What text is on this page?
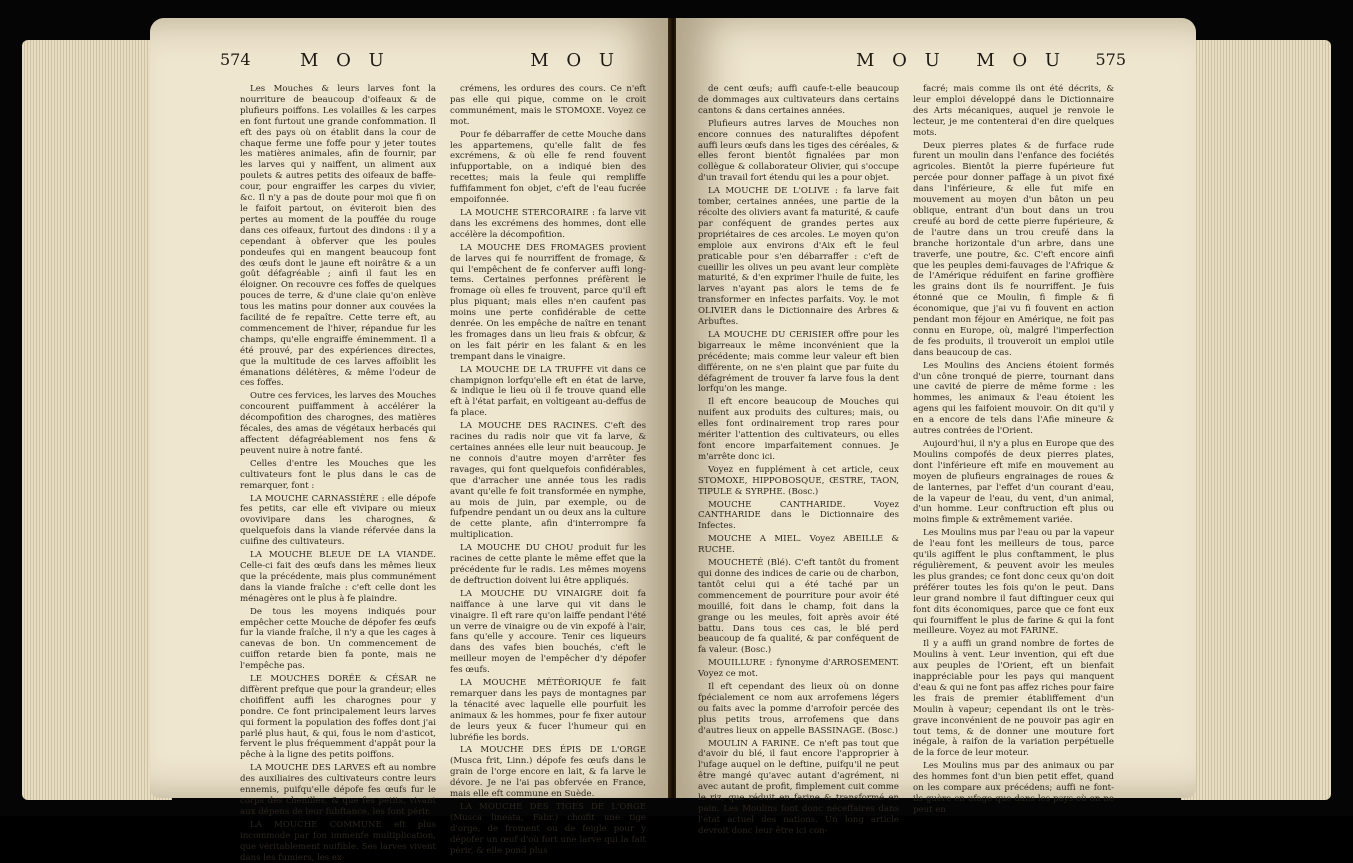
574	M O U	M O U

Les Mouches & leurs larves font la nourriture de beaucoup d'oifeaux & de plufieurs poiffons. Les volailles & les carpes en font furtout une grande confommation. Il eft des pays où on établit dans la cour de chaque ferme une foffe pour y jeter toutes les matières animales, afin de fournir, par les larves qui y naiffent, un aliment aux poulets & autres petits des oifeaux de baffe-cour, pour engraiffer les carpes du vivier, &c. Il n'y a pas de doute pour moi que fi on le faifoit partout, on éviteroit bien des pertes au moment de la pouffée du rouge dans ces oifeaux, furtout des dindons : il y a cependant à obferver que les poules pondeufes qui en mangent beaucoup font des œufs dont le jaune eft noirâtre & a un goût défagréable ; ainfi il faut les en éloigner. On recouvre ces foffes de quelques pouces de terre, & d'une claie qu'on enlève tous les matins pour donner aux couvées la facilité de fe repaître. Cette terre eft, au commencement de l'hiver, répandue fur les champs, qu'elle engraiffe éminemment. Il a été prouvé, par des expériences directes, que la multitude de ces larves affoiblit les émanations délétères, & même l'odeur de ces foffes.

Outre ces fervices, les larves des Mouches concourent puiffamment à accélérer la décompofition des charognes, des matières fécales, des amas de végétaux herbacés qui affectent défagréablement nos fens & peuvent nuire à notre fanté.

Celles d'entre les Mouches que les cultivateurs font le plus dans le cas de remarquer, font :

LA MOUCHE CARNASSIÈRE : elle dépofe fes petits, car elle eft vivipare ou mieux ovovivipare dans les charognes, & quelquefois dans la viande réfervée dans la cuifine des cultivateurs.

LA MOUCHE BLEUE DE LA VIANDE. Celle-ci fait des œufs dans les mêmes lieux que la précédente, mais plus communément dans la viande fraîche : c'eft celle dont les ménagères ont le plus à fe plaindre.

De tous les moyens indiqués pour empêcher cette Mouche de dépofer fes œufs fur la viande fraîche, il n'y a que les cages à canevas de bon. Un commencement de cuiffon retarde bien fa ponte, mais ne l'empêche pas.

LE MOUCHES DORÉE & CÉSAR ne diffèrent prefque que pour la grandeur; elles choififfent auffi les charognes pour y pondre. Ce font principalement leurs larves qui forment la population des foffes dont j'ai parlé plus haut, & qui, fous le nom d'asticot, fervent le plus fréquemment d'appât pour la pêche à la ligne des petits poiffons.

LA MOUCHE DES LARVES eft au nombre des auxiliaires des cultivateurs contre leurs ennemis, puifqu'elle dépofe fes œufs fur le corps des chenilles, & que fes petits, vivant aux dépens de leur fubftance, les font périr.

LA MOUCHE COMMUNE eft plus incommode par fon immenfe multiplication, que véritablement nuifible. Ses larves vivent dans les fumiers, les ex-

crémens, les ordures des cours. Ce n'eft pas elle qui pique, comme on le croit communément, mais le STOMOXE. Voyez ce mot.

Pour fe débarraffer de cette Mouche dans les appartemens, qu'elle falit de fes excrémens, & où elle fe rend fouvent infupportable, on a indiqué bien des recettes; mais la feule qui rempliffe fuffifamment fon objet, c'eft de l'eau fucrée empoifonnée.

LA MOUCHE STERCORAIRE : fa larve vit dans les excrémens des hommes, dont elle accélère la décompofition.

LA MOUCHE DES FROMAGES provient de larves qui fe nourriffent de fromage, & qui l'empêchent de fe conferver auffi long-tems. Certaines perfonnes préfèrent le fromage où elles fe trouvent, parce qu'il eft plus piquant; mais elles n'en caufent pas moins une perte confidérable de cette denrée. On les empêche de naître en tenant les fromages dans un lieu frais & obfcur, & on les fait périr en les falant & en les trempant dans le vinaigre.

LA MOUCHE DE LA TRUFFE vit dans ce champignon lorfqu'elle eft en état de larve, & indique le lieu où il fe trouve quand elle eft à l'état parfait, en voltigeant au-deffus de fa place.

LA MOUCHE DES RACINES. C'eft des racines du radis noir que vit fa larve, & certaines années elle leur nuit beaucoup. Je ne connois d'autre moyen d'arrêter fes ravages, qui font quelquefois confidérables, que d'arracher une année tous les radis avant qu'elle fe foit transformée en nymphe, au mois de juin, par exemple, ou de fufpendre pendant un ou deux ans la culture de cette plante, afin d'interrompre fa multiplication.

LA MOUCHE DU CHOU produit fur les racines de cette plante le même effet que la précédente fur le radis. Les mêmes moyens de deftruction doivent lui être appliqués.

LA MOUCHE DU VINAIGRE doit fa naiffance à une larve qui vit dans le vinaigre. Il eft rare qu'on laiffe pendant l'été un verre de vinaigre ou de vin expofé à l'air, fans qu'elle y accoure. Tenir ces liqueurs dans des vafes bien bouchés, c'eft le meilleur moyen de l'empêcher d'y dépofer fes œufs.

LA MOUCHE MÉTÉORIQUE fe fait remarquer dans les pays de montagnes par la ténacité avec laquelle elle pourfuit les animaux & les hommes, pour fe fixer autour de leurs yeux & fucer l'humeur qui en lubréfie les bords.

LA MOUCHE DES ÉPIS DE L'ORGE (Musca frit, Linn.) dépofe fes œufs dans le grain de l'orge encore en lait, & fa larve le dévore. Je ne l'ai pas obfervée en France, mais elle eft commune en Suède.

LA MOUCHE DES TIGES DE L'ORGE (Musca lineata, Fabr.) choifit une tige d'orge, de froment ou de feigle pour y dépofer un œuf d'où fort une larve qui la fait périr, & elle pond plus

M O U M O U 575

de cent œufs; auffi caufe-t-elle beaucoup de dommages aux cultivateurs dans certains cantons & dans certaines années.

Plufieurs autres larves de Mouches non encore connues des naturaliftes dépofent auffi leurs œufs dans les tiges des céréales, & elles feront bientôt fignalées par mon collègue & collaborateur Olivier, qui s'occupe d'un travail fort étendu qui les a pour objet.

LA MOUCHE DE L'OLIVE : fa larve fait tomber, certaines années, une partie de la récolte des oliviers avant fa maturité, & caufe par conféquent de grandes pertes aux propriétaires de ces arcoles. Le moyen qu'on emploie aux environs d'Aix eft le feul praticable pour s'en débarraffer : c'eft de cueillir les olives un peu avant leur complète maturité, & d'en exprimer l'huile de fuite, les larves n'ayant pas alors le tems de fe transformer en infectes parfaits. Voy. le mot OLIVIER dans le Dictionnaire des Arbres & Arbuftes.

LA MOUCHE DU CERISIER offre pour les bigarreaux le même inconvénient que la précédente; mais comme leur valeur eft bien différente, on ne s'en plaint que par fuite du défagrément de trouver fa larve fous la dent lorfqu'on les mange.

Il eft encore beaucoup de Mouches qui nuifent aux produits des cultures; mais, ou elles font ordinairement trop rares pour mériter l'attention des cultivateurs, ou elles font encore imparfaitement connues. Je m'arrête donc ici.

Voyez en fupplément à cet article, ceux STOMOXE, HIPPOBOSQUE, ŒSTRE, TAON, TIPULE & SYRPHE. (Bosc.)

MOUCHE CANTHARIDE. Voyez CANTHARIDE dans le Dictionnaire des Infectes.

MOUCHE A MIEL. Voyez ABEILLE & RUCHE.

MOUCHETÉ (Blé). C'eft tantôt du froment qui donne des indices de carie ou de charbon, tantôt celui qui a été taché par un commencement de pourriture pour avoir été mouillé, foit dans le champ, foit dans la grange ou les meules, foit après avoir été battu. Dans tous ces cas, le blé perd beaucoup de fa qualité, & par conféquent de fa valeur. (Bosc.)

MOUILLURE : fynonyme d'ARROSEMENT. Voyez ce mot.

Il eft cependant des lieux où on donne fpécialement ce nom aux arrofemens légers ou faits avec la pomme d'arrofoir percée des plus petits trous, arrofemens que dans d'autres lieux on appelle BASSINAGE. (Bosc.)

MOULIN A FARINE. Ce n'eft pas tout que d'avoir du blé, il faut encore l'approprier à l'ufage auquel on le deftine, puifqu'il ne peut être mangé qu'avec autant d'agrément, ni avec autant de profit, fimplement cuit comme le riz, que réduit en farine & transformé en pain. Les Moulins font donc néceffaires dans l'état actuel des nations. Un long article devroit donc leur être ici con-

facré; mais comme ils ont été décrits, & leur emploi développé dans le Dictionnaire des Arts mécaniques, auquel je renvoie le lecteur, je me contenterai d'en dire quelques mots.

Deux pierres plates & de furface rude furent un moulin dans l'enfance des fociétés agricoles. Bientôt la pierre fupérieure fut percée pour donner paffage à un pivot fixé dans l'inférieure, & elle fut mife en mouvement au moyen d'un bâton un peu oblique, entrant d'un bout dans un trou creufé au bord de cette pierre fupérieure, & de l'autre dans un trou creufé dans la branche horizontale d'un arbre, dans une traverfe, une poutre, &c. C'eft encore ainfi que les peuples demi-fauvages de l'Afrique & de l'Amérique réduifent en farine groffière les grains dont ils fe nourriffent. Je fuis étonné que ce Moulin, fi fimple & fi économique, que j'ai vu fi fouvent en action pendant mon féjour en Amérique, ne foit pas connu en Europe, où, malgré l'imperfection de fes produits, il trouveroit un emploi utile dans beaucoup de cas.

Les Moulins des Anciens étoient formés d'un cône tronqué de pierre, tournant dans une cavité de pierre de même forme : les hommes, les animaux & l'eau étoient les agens qui les faifoient mouvoir. On dit qu'il y en a encore de tels dans l'Afie mineure & autres contrées de l'Orient.

Aujourd'hui, il n'y a plus en Europe que des Moulins compofés de deux pierres plates, dont l'inférieure eft mife en mouvement au moyen de plufieurs engrainages de roues & de lanternes, par l'effet d'un courant d'eau, de la vapeur de l'eau, du vent, d'un animal, d'un homme. Leur conftruction eft plus ou moins fimple & extrêmement variée.

Les Moulins mus par l'eau ou par la vapeur de l'eau font les meilleurs de tous, parce qu'ils agiffent le plus conftamment, le plus régulièrement, & peuvent avoir les meules les plus grandes; ce font donc ceux qu'on doit préférer toutes les fois qu'on le peut. Dans leur grand nombre il faut diftinguer ceux qui font dits économiques, parce que ce font eux qui fourniffent le plus de farine & qui la font meilleure. Voyez au mot FARINE.

Il y a auffi un grand nombre de fortes de Moulins à vent. Leur invention, qui eft due aux peuples de l'Orient, eft un bienfait inappréciable pour les pays qui manquent d'eau & qui ne font pas affez riches pour faire les frais de premier établiffement d'un Moulin à vapeur; cependant ils ont le très-grave inconvénient de ne pouvoir pas agir en tout tems, & de donner une mouture fort inégale, à raifon de la variation perpétuelle de la force de leur moteur.

Les Moulins mus par des animaux ou par des hommes font d'un bien petit effet, quand on les compare aux précédens; auffi ne font-ils guère en ufage que dans les pays où on ne peut en
